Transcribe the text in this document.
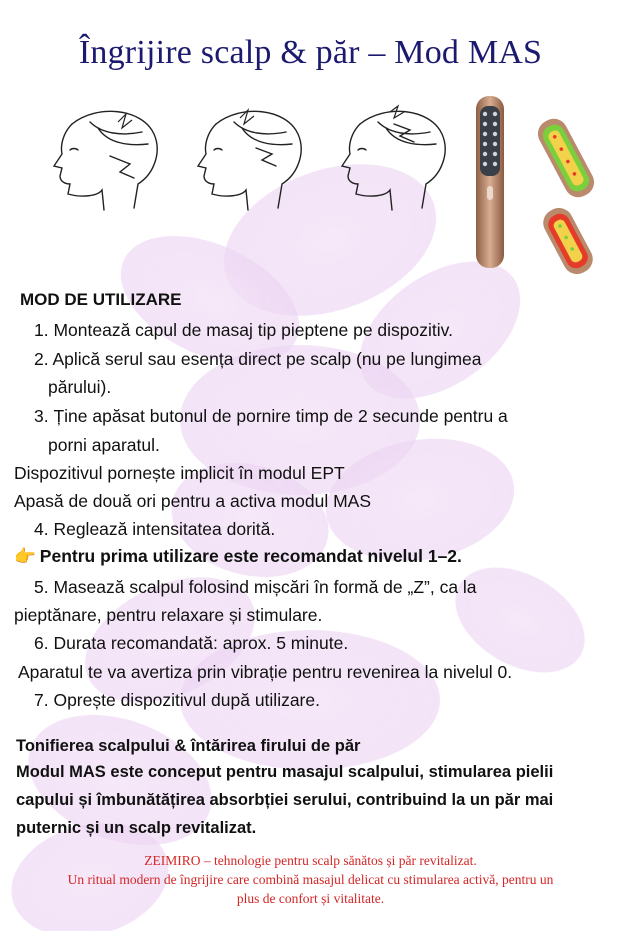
Îngrijire scalp & păr – Mod MAS
MOD DE UTILIZARE
1. Montează capul de masaj tip pieptene pe dispozitiv.
2. Aplică serul sau esența direct pe scalp (nu pe lungimea
părului).
3. Ține apăsat butonul de pornire timp de 2 secunde pentru a
porni aparatul.
Dispozitivul pornește implicit în modul EPT
Apasă de două ori pentru a activa modul MAS
4. Reglează intensitatea dorită.
👉 Pentru prima utilizare este recomandat nivelul 1–2.
5. Masează scalpul folosind mișcări în formă de „Z”, ca la
pieptănare, pentru relaxare și stimulare.
6. Durata recomandată: aprox. 5 minute.
Aparatul te va avertiza prin vibrație pentru revenirea la nivelul 0.
7. Oprește dispozitivul după utilizare.
Tonifierea scalpului & întărirea firului de păr
Modul MAS este conceput pentru masajul scalpului, stimularea pielii
capului și îmbunătățirea absorbției serului, contribuind la un păr mai
puternic și un scalp revitalizat.
ZEIMIRO – tehnologie pentru scalp sănătos și păr revitalizat.
Un ritual modern de îngrijire care combină masajul delicat cu stimularea activă, pentru un
plus de confort și vitalitate.
